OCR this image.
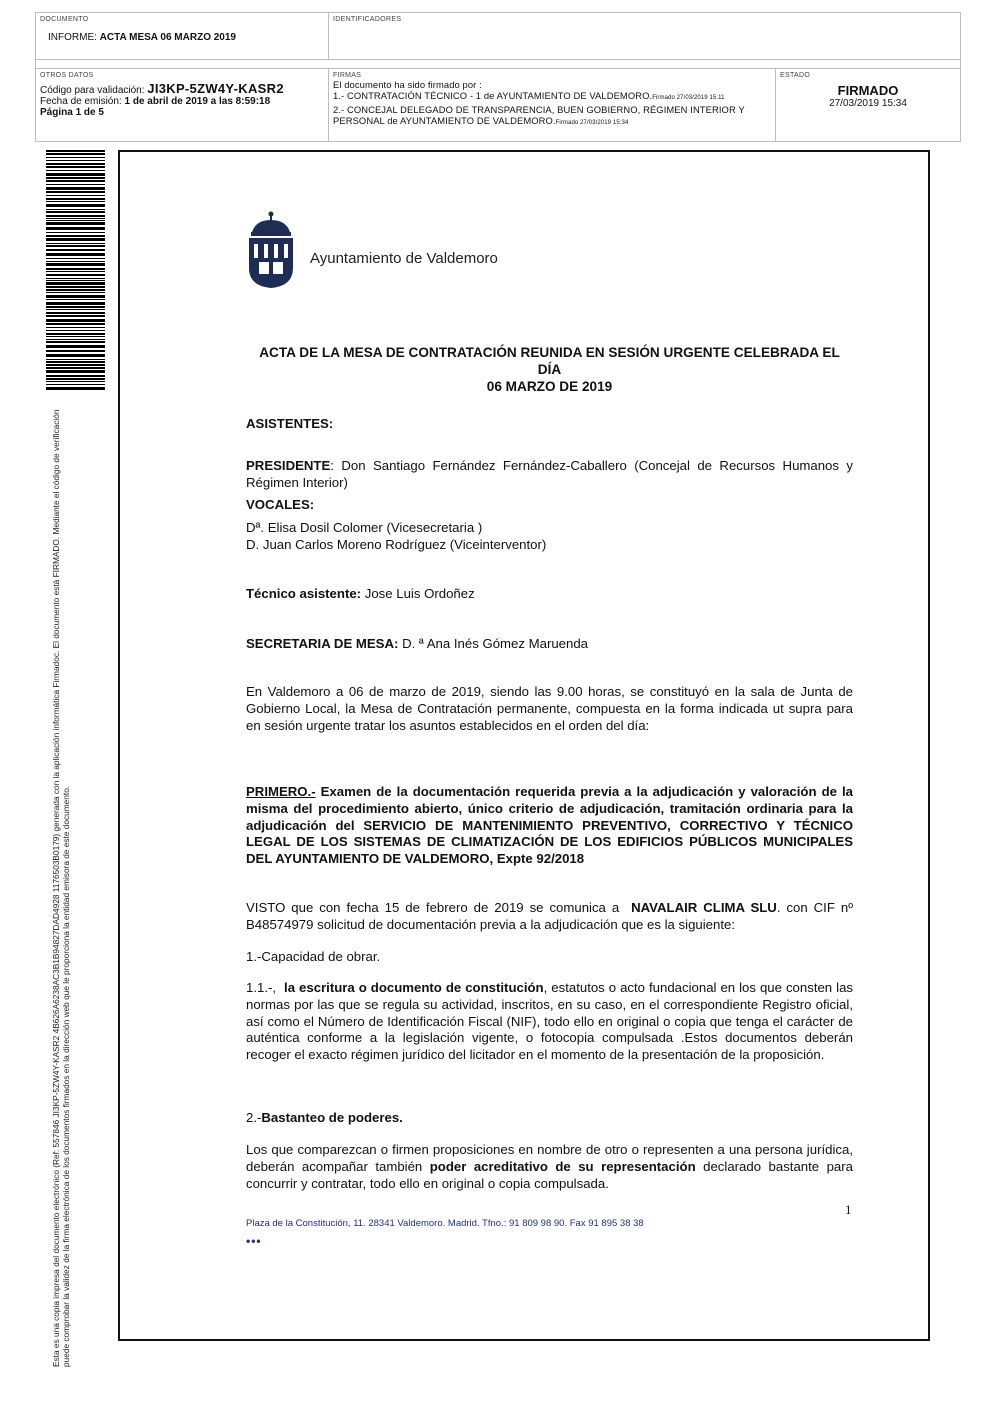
DOCUMENTO
INFORME: ACTA MESA 06 MARZO 2019
IDENTIFICADORES
OTROS DATOS
Código para validación: JI3KP-5ZW4Y-KASR2
Fecha de emisión: 1 de abril de 2019 a las 8:59:18
Página 1 de 5
FIRMAS
El documento ha sido firmado por :
1.- CONTRATACIÓN TÉCNICO - 1 de AYUNTAMIENTO DE VALDEMORO.Firmado 27/03/2019 15:11
2.- CONCEJAL DELEGADO DE TRANSPARENCIA, BUEN GOBIERNO, RÉGIMEN INTERIOR Y
PERSONAL de AYUNTAMIENTO DE VALDEMORO.Firmado 27/03/2019 15:34
ESTADO
FIRMADO
27/03/2019 15:34
Esta es una copia impresa del documento electrónico (Ref: 557846 JI3KP-5ZW4Y-KASR2 4B626A6238AC3B1B94827DAD4928 1176503B0179) generada con la aplicación informática Firmadoc. El documento está FIRMADO. Mediante el código de verificación puede comprobar la validez de la firma electrónica de los documentos firmados en la dirección web que le proporciona la entidad emisora de este documento.
Ayuntamiento de Valdemoro
ACTA DE LA MESA DE CONTRATACIÓN REUNIDA EN SESIÓN URGENTE CELEBRADA EL DÍA
06 MARZO DE 2019
ASISTENTES:
PRESIDENTE: Don Santiago Fernández Fernández-Caballero (Concejal de Recursos Humanos y Régimen Interior)
VOCALES:
Dª. Elisa Dosil Colomer (Vicesecretaria )
D. Juan Carlos Moreno Rodríguez (Viceinterventor)
Técnico asistente: Jose Luis Ordoñez
SECRETARIA DE MESA: D. ª Ana Inés Gómez Maruenda
En Valdemoro a 06 de marzo de 2019, siendo las 9.00 horas, se constituyó en la sala de Junta de Gobierno Local, la Mesa de Contratación permanente, compuesta en la forma indicada ut supra para en sesión urgente tratar los asuntos establecidos en el orden del día:
PRIMERO.- Examen de la documentación requerida previa a la adjudicación y valoración de la misma del procedimiento abierto, único criterio de adjudicación, tramitación ordinaria para la adjudicación del SERVICIO DE MANTENIMIENTO PREVENTIVO, CORRECTIVO Y TÉCNICO LEGAL DE LOS SISTEMAS DE CLIMATIZACIÓN DE LOS EDIFICIOS PÚBLICOS MUNICIPALES DEL AYUNTAMIENTO DE VALDEMORO, Expte 92/2018
VISTO que con fecha 15 de febrero de 2019 se comunica a NAVALAIR CLIMA SLU. con CIF nº B48574979 solicitud de documentación previa a la adjudicación que es la siguiente:
1.-Capacidad de obrar.
1.1.-, la escritura o documento de constitución, estatutos o acto fundacional en los que consten las normas por las que se regula su actividad, inscritos, en su caso, en el correspondiente Registro oficial, así como el Número de Identificación Fiscal (NIF), todo ello en original o copia que tenga el carácter de auténtica conforme a la legislación vigente, o fotocopia compulsada .Estos documentos deberán recoger el exacto régimen jurídico del licitador en el momento de la presentación de la proposición.
2.-Bastanteo de poderes.
Los que comparezcan o firmen proposiciones en nombre de otro o representen a una persona jurídica, deberán acompañar también poder acreditativo de su representación declarado bastante para concurrir y contratar, todo ello en original o copia compulsada.
1
Plaza de la Constitución, 11. 28341 Valdemoro. Madrid. Tfno.: 91 809 98 90. Fax 91 895 38 38
•••
